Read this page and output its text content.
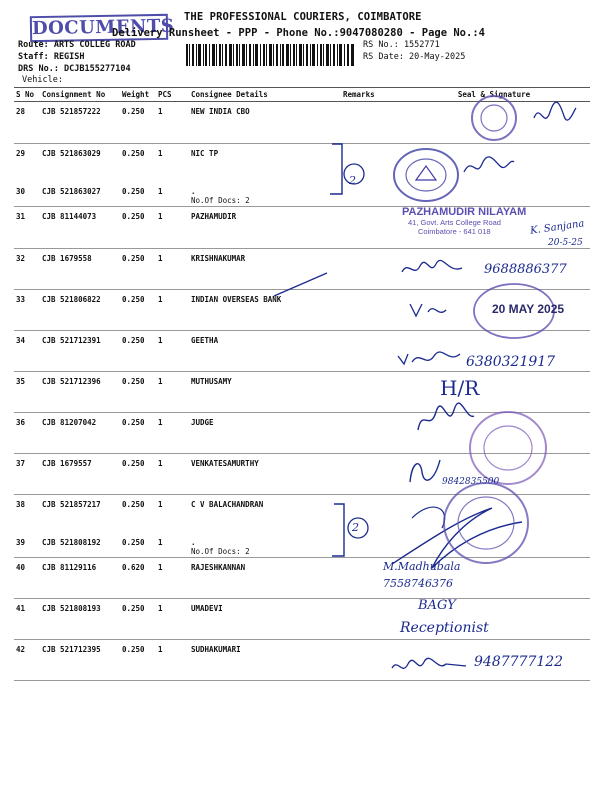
DOCUMENTS THE PROFESSIONAL COURIERS, COIMBATORE
Delivery Runsheet - PPP - Phone No.:9047080280 - Page No.:4
Route: ARTS COLLEG ROAD
Staff: REGISH
DRS No.: DCJB155277104
Vehicle:
RS No.: 1552771
RS Date: 20-May-2025
S No	Consignment No	Weight	PCS	Consignee Details	Remarks	Seal & Signature
28	CJB 521857222	0.250	1	NEW INDIA CBO		
29	CJB 521863029	0.250	1	NIC TP		
30	CJB 521863027	0.250	1	.
No.Of Docs: 2		

31	CJB 81144073	0.250	1	PAZHAMUDIR		
32	CJB 1679558	0.250	1	KRISHNAKUMAR		
33	CJB 521806822	0.250	1	INDIAN OVERSEAS BANK		
34	CJB 521712391	0.250	1	GEETHA		
35	CJB 521712396	0.250	1	MUTHUSAMY		
36	CJB 81207042	0.250	1	JUDGE		
37	CJB 1679557	0.250	1	VENKATESAMURTHY		
38	CJB 521857217	0.250	1	C V BALACHANDRAN		
39	CJB 521808192	0.250	1	.
No.Of Docs: 2		

40	CJB 81129116	0.620	1	RAJESHKANNAN		
41	CJB 521808193	0.250	1	UMADEVI		
42	CJB 521712395	0.250	1	SUDHAKUMARI		
2
2
PAZHAMUDIR NILAYAM
41, Govt. Arts College Road
Coimbatore - 641 018	K. Sanjana
20-5-25
9688886377
20 MAY 2025
6380321917
H/R
9842835500
M.Madhubala
7558746376
BAGY
Receptionist
9487777122
